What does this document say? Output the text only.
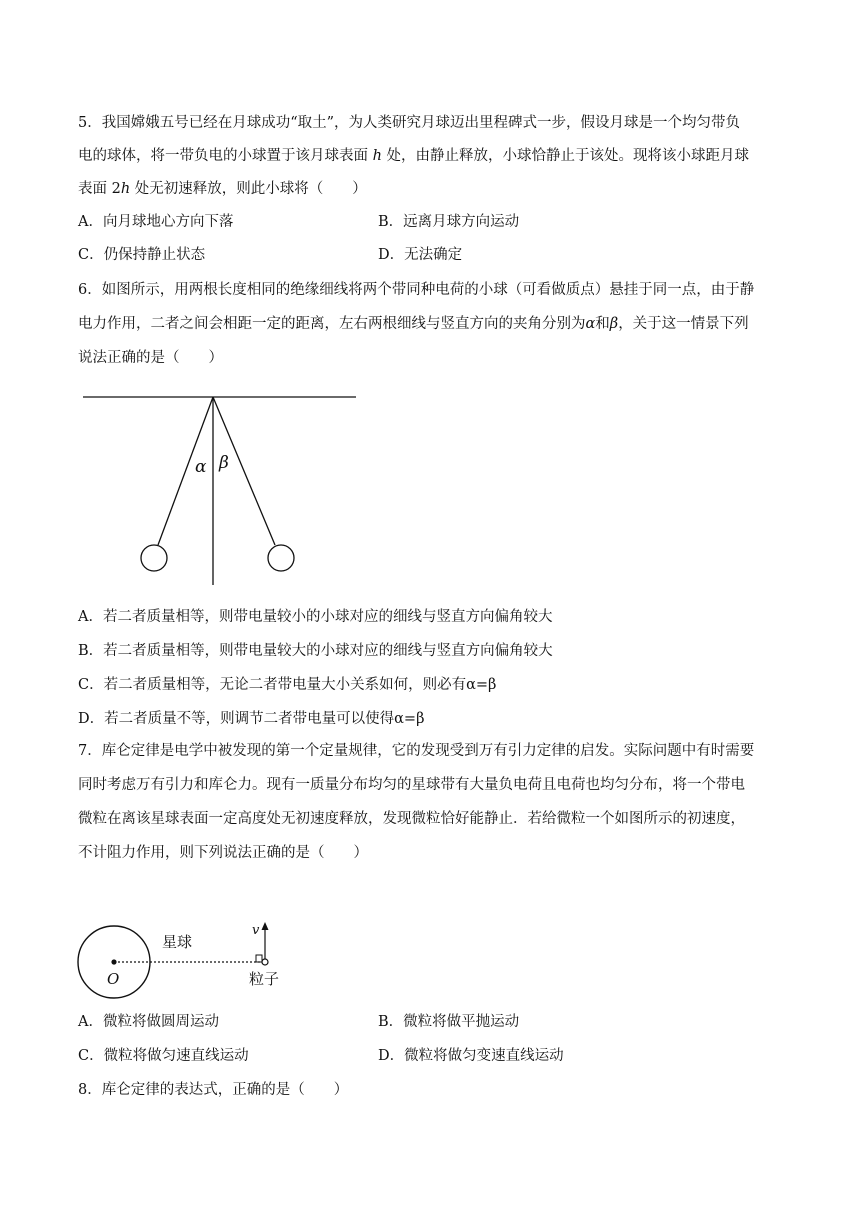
5．我国嫦娥五号已经在月球成功“取土”，为人类研究月球迈出里程碑式一步，假设月球是一个均匀带负
电的球体，将一带负电的小球置于该月球表面 h 处，由静止释放，小球恰静止于该处。现将该小球距月球
表面 2h 处无初速释放，则此小球将（　　）
A．向月球地心方向下落	B．远离月球方向运动
C．仍保持静止状态	D．无法确定
6．如图所示，用两根长度相同的绝缘细线将两个带同种电荷的小球（可看做质点）悬挂于同一点，由于静
电力作用，二者之间会相距一定的距离，左右两根细线与竖直方向的夹角分别为α和β，关于这一情景下列
说法正确的是（　　）
α β
A．若二者质量相等，则带电量较小的小球对应的细线与竖直方向偏角较大
B．若二者质量相等，则带电量较大的小球对应的细线与竖直方向偏角较大
C．若二者质量相等，无论二者带电量大小关系如何，则必有α=β
D．若二者质量不等，则调节二者带电量可以使得α=β
7．库仑定律是电学中被发现的第一个定量规律，它的发现受到万有引力定律的启发。实际问题中有时需要
同时考虑万有引力和库仑力。现有一质量分布均匀的星球带有大量负电荷且电荷也均匀分布，将一个带电
微粒在离该星球表面一定高度处无初速度释放，发现微粒恰好能静止．若给微粒一个如图所示的初速度，
不计阻力作用，则下列说法正确的是（　　）
v
星球
O	粒子
A．微粒将做圆周运动	B．微粒将做平抛运动
C．微粒将做匀速直线运动	D．微粒将做匀变速直线运动
8．库仑定律的表达式，正确的是（　　）
